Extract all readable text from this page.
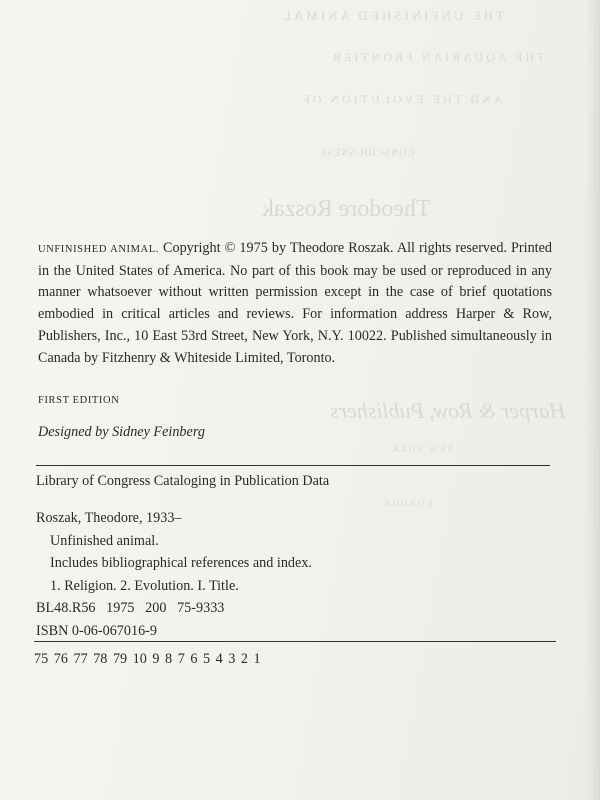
THE UNFINISHED ANIMAL
THE AQUARIAN FRONTIER
AND THE EVOLUTION OF
CONSCIOUSNESS
Theodore Roszak
Harper & Row, Publishers
NEW YORK
LONDON
UNFINISHED ANIMAL. Copyright © 1975 by Theodore Roszak. All rights reserved. Printed in the United States of America. No part of this book may be used or reproduced in any manner whatsoever without written permission except in the case of brief quotations embodied in critical articles and reviews. For information address Harper & Row, Publishers, Inc., 10 East 53rd Street, New York, N.Y. 10022. Published simultaneously in Canada by Fitzhenry & Whiteside Limited, Toronto.
FIRST EDITION
Designed by Sidney Feinberg
Library of Congress Cataloging in Publication Data
Roszak, Theodore, 1933–
Unfinished animal.
Includes bibliographical references and index.
1. Religion. 2. Evolution. I. Title.
BL48.R56   1975   200   75-9333
ISBN 0-06-067016-9
75 76 77 78 79 10 9 8 7 6 5 4 3 2 1
